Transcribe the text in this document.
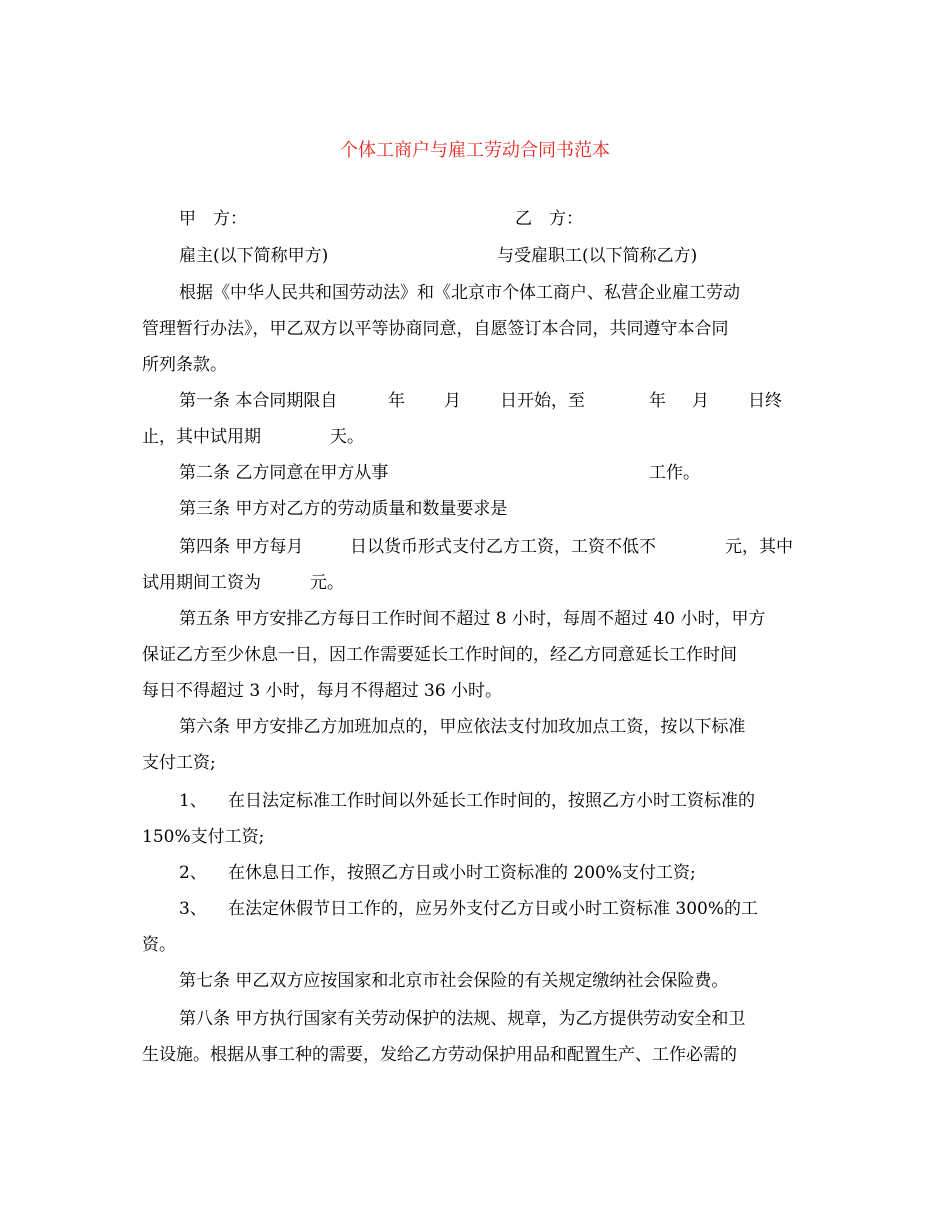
个体工商户与雇工劳动合同书范本
甲　方：	乙　方：
雇主(以下简称甲方)	与受雇职工(以下简称乙方)
根据《中华人民共和国劳动法》和《北京市个体工商户、私营企业雇工劳动
管理暂行办法》，甲乙双方以平等协商同意，自愿签订本合同，共同遵守本合同
所列条款。
第一条 本合同期限自	年 月 日开始，至	年 月 日终
止，其中试用期	天。
第二条 乙方同意在甲方从事	工作。
第三条 甲方对乙方的劳动质量和数量要求是
第四条 甲方每月	日以货币形式支付乙方工资，工资不低不	元，其中
试用期间工资为	元。
第五条 甲方安排乙方每日工作时间不超过 8 小时，每周不超过 40 小时，甲方
保证乙方至少休息一日，因工作需要延长工作时间的，经乙方同意延长工作时间
每日不得超过 3 小时，每月不得超过 36 小时。
第六条 甲方安排乙方加班加点的，甲应依法支付加玫加点工资，按以下标准
支付工资;
1、 在日法定标准工作时间以外延长工作时间的，按照乙方小时工资标准的
150%支付工资;
2、 在休息日工作，按照乙方日或小时工资标准的 200%支付工资;
3、 在法定休假节日工作的，应另外支付乙方日或小时工资标准 300%的工
资。
第七条 甲乙双方应按国家和北京市社会保险的有关规定缴纳社会保险费。
第八条 甲方执行国家有关劳动保护的法规、规章，为乙方提供劳动安全和卫
生设施。根据从事工种的需要，发给乙方劳动保护用品和配置生产、工作必需的
